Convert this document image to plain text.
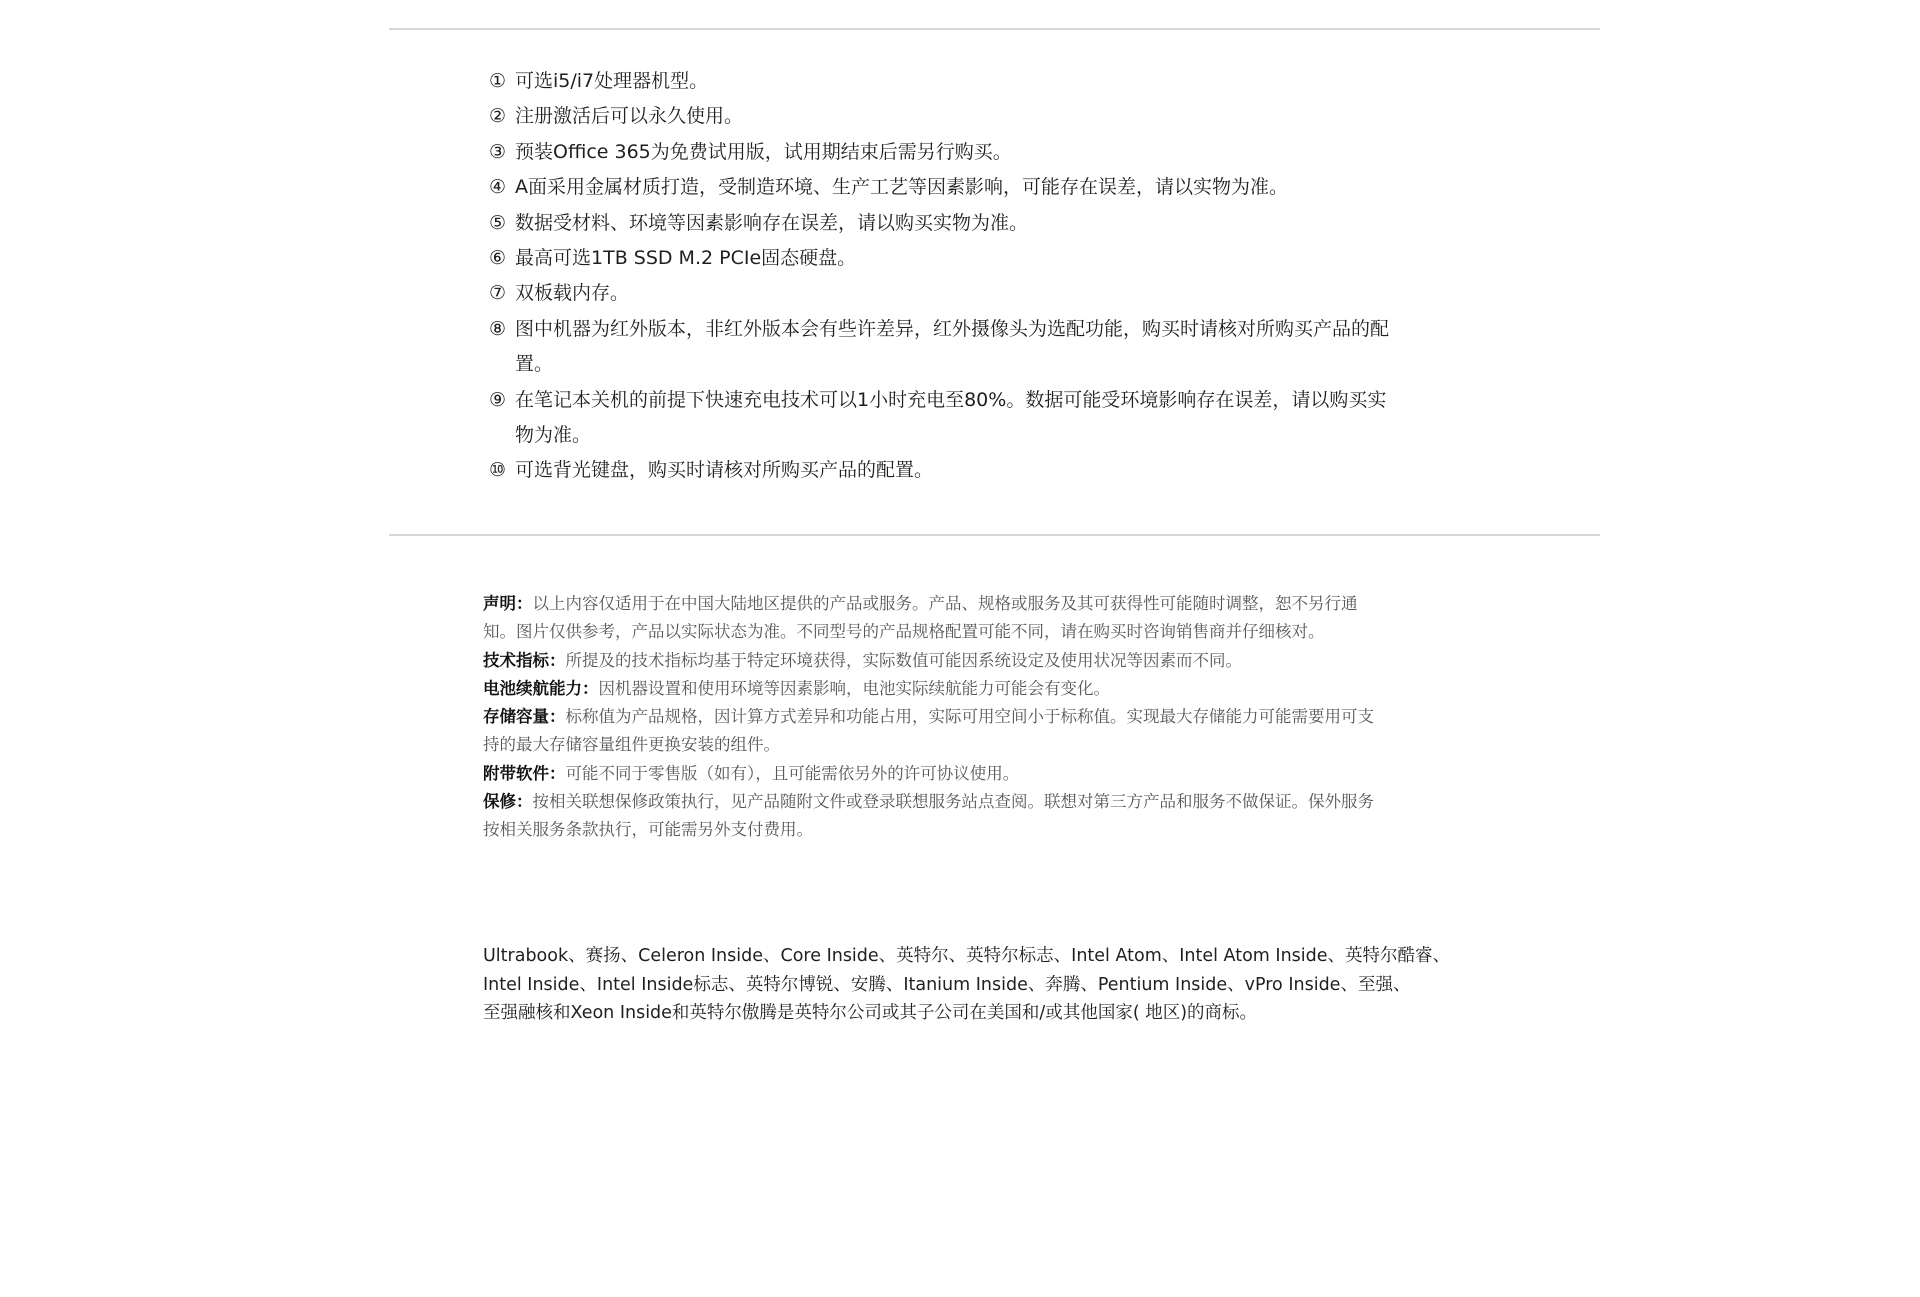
① 可选i5/i7处理器机型。
② 注册激活后可以永久使用。
③ 预装Office 365为免费试用版，试用期结束后需另行购买。
④ A面采用金属材质打造，受制造环境、生产工艺等因素影响，可能存在误差，请以实物为准。
⑤ 数据受材料、环境等因素影响存在误差，请以购买实物为准。
⑥ 最高可选1TB SSD M.2 PCIe固态硬盘。
⑦ 双板载内存。
⑧ 图中机器为红外版本，非红外版本会有些许差异，红外摄像头为选配功能，购买时请核对所购买产品的配置。
⑨ 在笔记本关机的前提下快速充电技术可以1小时充电至80%。数据可能受环境影响存在误差，请以购买实物为准。
⑩ 可选背光键盘，购买时请核对所购买产品的配置。

声明：以上内容仅适用于在中国大陆地区提供的产品或服务。产品、规格或服务及其可获得性可能随时调整，恕不另行通知。图片仅供参考，产品以实际状态为准。不同型号的产品规格配置可能不同，请在购买时咨询销售商并仔细核对。

技术指标：所提及的技术指标均基于特定环境获得，实际数值可能因系统设定及使用状况等因素而不同。

电池续航能力：因机器设置和使用环境等因素影响，电池实际续航能力可能会有变化。

存储容量：标称值为产品规格，因计算方式差异和功能占用，实际可用空间小于标称值。实现最大存储能力可能需要用可支持的最大存储容量组件更换安装的组件。

附带软件：可能不同于零售版（如有），且可能需依另外的许可协议使用。

保修：按相关联想保修政策执行，见产品随附文件或登录联想服务站点查阅。联想对第三方产品和服务不做保证。保外服务按相关服务条款执行，可能需另外支付费用。

Ultrabook、赛扬、Celeron Inside、Core Inside、英特尔、英特尔标志、Intel Atom、Intel Atom Inside、英特尔酷睿、
Intel Inside、Intel Inside标志、英特尔博锐、安腾、Itanium Inside、奔腾、Pentium Inside、vPro Inside、至强、
至强融核和Xeon Inside和英特尔傲腾是英特尔公司或其子公司在美国和/或其他国家( 地区)的商标。
